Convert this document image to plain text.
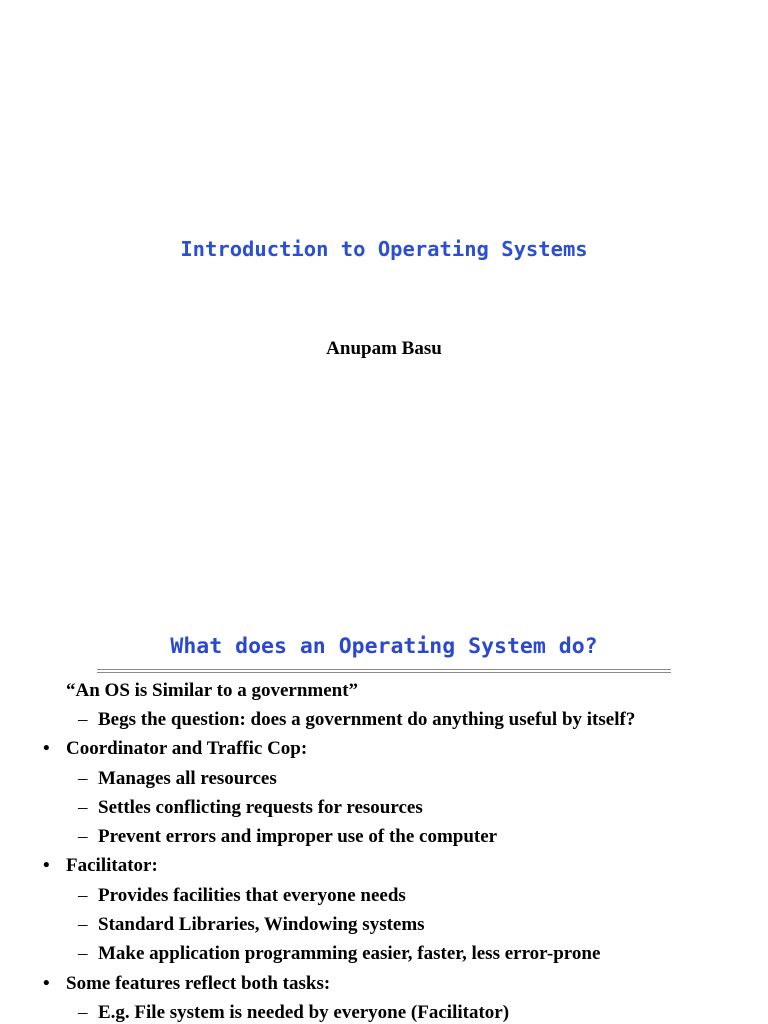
Introduction to Operating Systems
Anupam Basu
What does an Operating System do?
“An OS is Similar to a government”
– Begs the question: does a government do anything useful by itself?
• Coordinator and Traffic Cop:
– Manages all resources
– Settles conflicting requests for resources
– Prevent errors and improper use of the computer
• Facilitator:
– Provides facilities that everyone needs
– Standard Libraries, Windowing systems
– Make application programming easier, faster, less error-prone
• Some features reflect both tasks:
– E.g. File system is needed by everyone (Facilitator)
